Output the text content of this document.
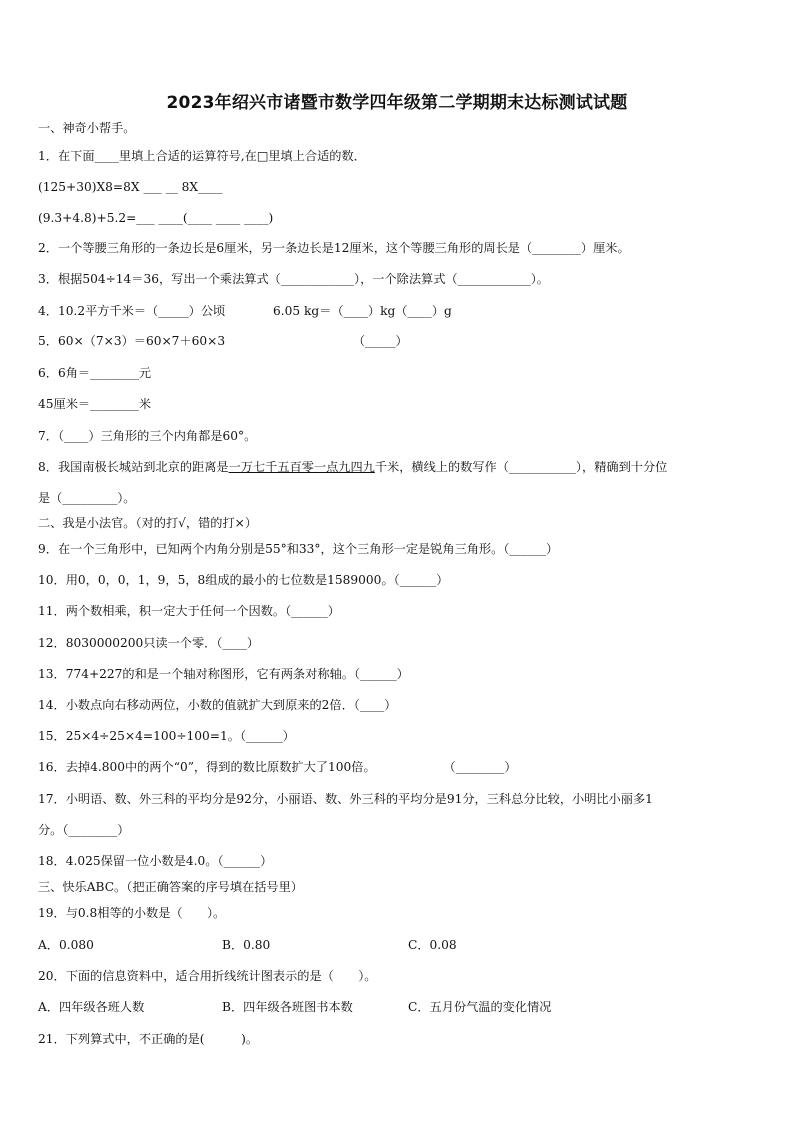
2023年绍兴市诸暨市数学四年级第二学期期末达标测试试题
一、神奇小帮手。
1．在下面____里填上合适的运算符号,在□里填上合适的数．
(125+30)X8=8X ___ __ 8X____
(9.3+4.8)+5.2=___ ____(____ ____ ____)
2．一个等腰三角形的一条边长是6厘米，另一条边长是12厘米，这个等腰三角形的周长是（________）厘米。
3．根据504÷14＝36，写出一个乘法算式（____________），一个除法算式（____________）。
4．10.2平方千米＝（_____）公顷	6.05 kg＝（____）kg（____）g
5．60×（7×3）＝60×7＋60×3	（_____）
6．6角＝________元
45厘米＝________米
7．（____）三角形的三个内角都是60°。
8．我国南极长城站到北京的距离是一万七千五百零一点九四九千米，横线上的数写作（___________），精确到十分位
是（_________）。
二、我是小法官。（对的打√，错的打×）
9．在一个三角形中，已知两个内角分别是55°和33°，这个三角形一定是锐角三角形。（______）
10．用0，0，0，1，9，5，8组成的最小的七位数是1589000。（______）
11．两个数相乘，积一定大于任何一个因数。（______）
12．8030000200只读一个零．（____）
13．774+227的和是一个轴对称图形，它有两条对称轴。（______）
14．小数点向右移动两位，小数的值就扩大到原来的2倍．（____）
15．25×4÷25×4=100÷100=1。（______）
16．去掉4.800中的两个“0”，得到的数比原数扩大了100倍。	（________）
17．小明语、数、外三科的平均分是92分，小丽语、数、外三科的平均分是91分，三科总分比较，小明比小丽多1
分。（________）
18．4.025保留一位小数是4.0。（______）
三、快乐ABC。（把正确答案的序号填在括号里）
19．与0.8相等的小数是（　　）。
A．0.080	B．0.80	C．0.08
20．下面的信息资料中，适合用折线统计图表示的是（　　）。
A．四年级各班人数	B．四年级各班图书本数	C．五月份气温的变化情况
21．下列算式中，不正确的是(　　　)。
